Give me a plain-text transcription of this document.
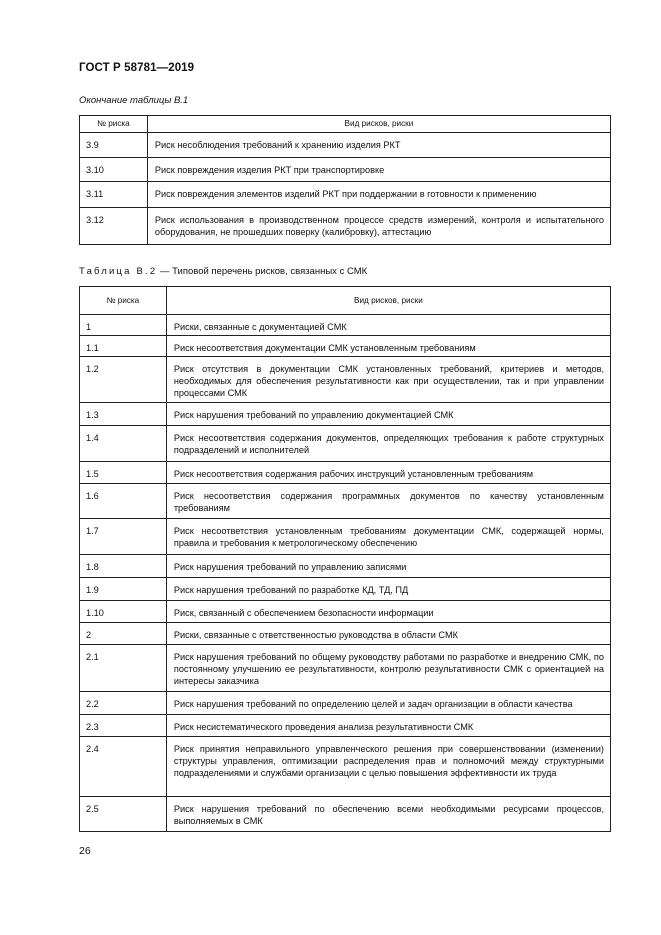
ГОСТ Р 58781—2019
Окончание таблицы В.1
№ риска	Вид рисков, риски
3.9	Риск несоблюдения требований к хранению изделия РКТ
3.10	Риск повреждения изделия РКТ при транспортировке
3.11	Риск повреждения элементов изделий РКТ при поддержании в готовности к применению
3.12	Риск использования в производственном процессе средств измерений, контроля и испытательного оборудования, не прошедших поверку (калибровку), аттестацию
Таблица В.2 — Типовой перечень рисков, связанных с СМК
№ риска	Вид рисков, риски
1	Риски, связанные с документацией СМК
1.1	Риск несоответствия документации СМК установленным требованиям
1.2	Риск отсутствия в документации СМК установленных требований, критериев и методов, необходимых для обеспечения результативности как при осуществлении, так и при управлении процессами СМК
1.3	Риск нарушения требований по управлению документацией СМК
1.4	Риск несоответствия содержания документов, определяющих требования к работе структурных подразделений и исполнителей
1.5	Риск несоответствия содержания рабочих инструкций установленным требованиям
1.6	Риск несоответствия содержания программных документов по качеству установленным требованиям
1.7	Риск несоответствия установленным требованиям документации СМК, содержащей нормы, правила и требования к метрологическому обеспечению
1.8	Риск нарушения требований по управлению записями
1.9	Риск нарушения требований по разработке КД, ТД, ПД
1.10	Риск, связанный с обеспечением безопасности информации
2	Риски, связанные с ответственностью руководства в области СМК
2.1	Риск нарушения требований по общему руководству работами по разработке и внедрению СМК, по постоянному улучшению ее результативности, контролю результативности СМК с ориентацией на интересы заказчика
2.2	Риск нарушения требований по определению целей и задач организации в области качества
2.3	Риск несистематического проведения анализа результативности СМК
2.4	Риск принятия неправильного управленческого решения при совершенствовании (изменении) структуры управления, оптимизации распределения прав и полномочий между структурными подразделениями и службами организации с целью повышения эффективности их труда
2.5	Риск нарушения требований по обеспечению всеми необходимыми ресурсами процессов, выполняемых в СМК
26
